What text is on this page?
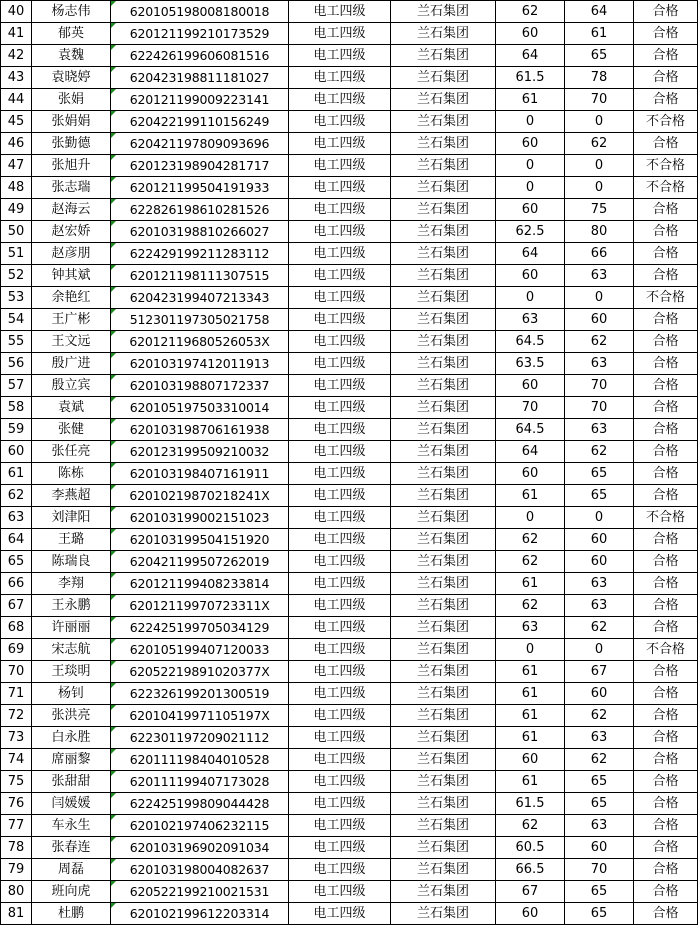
40	杨志伟	620105198008180018	电工四级	兰石集团	62	64	合格
41	郁英	620121199210173529	电工四级	兰石集团	60	61	合格
42	袁魏	622426199606081516	电工四级	兰石集团	64	65	合格
43	袁晓婷	620423198811181027	电工四级	兰石集团	61.5	78	合格
44	张娟	620121199009223141	电工四级	兰石集团	61	70	合格
45	张娟娟	620422199110156249	电工四级	兰石集团	0	0	不合格
46	张勤德	620421197809093696	电工四级	兰石集团	60	62	合格
47	张旭升	620123198904281717	电工四级	兰石集团	0	0	不合格
48	张志瑞	620121199504191933	电工四级	兰石集团	0	0	不合格
49	赵海云	622826198610281526	电工四级	兰石集团	60	75	合格
50	赵宏娇	620103198810266027	电工四级	兰石集团	62.5	80	合格
51	赵彦朋	622429199211283112	电工四级	兰石集团	64	66	合格
52	钟其斌	620121198111307515	电工四级	兰石集团	60	63	合格
53	余艳红	620423199407213343	电工四级	兰石集团	0	0	不合格
54	王广彬	512301197305021758	电工四级	兰石集团	63	60	合格
55	王文远	62012119680526053X	电工四级	兰石集团	64.5	62	合格
56	殷广进	620103197412011913	电工四级	兰石集团	63.5	63	合格
57	殷立宾	620103198807172337	电工四级	兰石集团	60	70	合格
58	袁斌	620105197503310014	电工四级	兰石集团	70	70	合格
59	张健	620103198706161938	电工四级	兰石集团	64.5	63	合格
60	张任亮	620123199509210032	电工四级	兰石集团	64	62	合格
61	陈栋	620103198407161911	电工四级	兰石集团	60	65	合格
62	李燕超	62010219870218241X	电工四级	兰石集团	61	65	合格
63	刘津阳	620103199002151023	电工四级	兰石集团	0	0	不合格
64	王璐	620103199504151920	电工四级	兰石集团	62	60	合格
65	陈瑞良	620421199507262019	电工四级	兰石集团	62	60	合格
66	李翔	620121199408233814	电工四级	兰石集团	61	63	合格
67	王永鹏	62012119970723311X	电工四级	兰石集团	62	63	合格
68	许丽丽	622425199705034129	电工四级	兰石集团	63	62	合格
69	宋志航	620105199407120033	电工四级	兰石集团	0	0	不合格
70	王琰明	62052219891020377X	电工四级	兰石集团	61	67	合格
71	杨钊	622326199201300519	电工四级	兰石集团	61	60	合格
72	张洪亮	62010419971105197X	电工四级	兰石集团	61	62	合格
73	白永胜	622301197209021112	电工四级	兰石集团	61	63	合格
74	席丽黎	620111198404010528	电工四级	兰石集团	60	62	合格
75	张甜甜	620111199407173028	电工四级	兰石集团	61	65	合格
76	闫媛媛	622425199809044428	电工四级	兰石集团	61.5	65	合格
77	车永生	620102197406232115	电工四级	兰石集团	62	63	合格
78	张春连	620103196902091034	电工四级	兰石集团	60.5	60	合格
79	周磊	620103198004082637	电工四级	兰石集团	66.5	70	合格
80	班向虎	620522199210021531	电工四级	兰石集团	67	65	合格
81	杜鹏	620102199612203314	电工四级	兰石集团	60	65	合格
